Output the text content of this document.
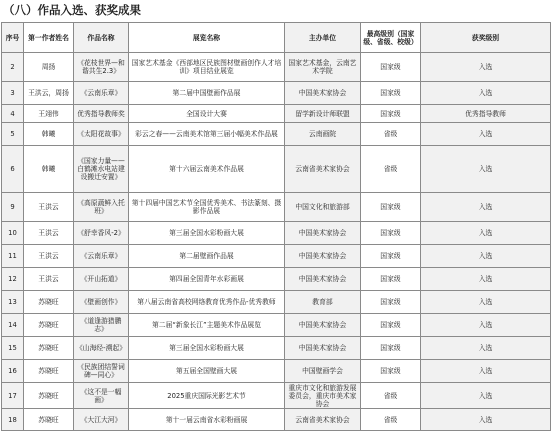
（八）作品入选、获奖成果
序号	第一作者姓名	作品名称	展览名称	主办单位	最高级别（国家级、省级、校级）	获奖级别
2	周扬	《花枝世界—和谐共生2.3》	国家艺术基金《西部地区民族图材壁画创作人才培训》项目结业展览	国家艺术基金，云南艺术学院	国家级	入选
3	王洪云，周扬	《云南乐章》	第二届中国壁画作品展	中国美术家协会	国家级	入选
4	王翊伟	优秀指导教师奖	全国设计大赛	留学新设计师联盟	国家级	优秀指导教师
5	韩曦	《太阳花故事》	彩云之春——云南美术馆第三届小幅美术作品展	云南画院	省级	入选
6	韩曦	《国家力量——白鹤滩水电站建设搬迁安置》	第十六届云南美术作品展	云南省美术家协会	省级	入选
9	王洪云	《高原蔬鲜入托班》	第十四届中国艺术节全国优秀美术、书法篆刻、摄影作品展	中国文化和旅游部	国家级	入选
10	王洪云	《舒幸香风-2》	第三届全国水彩粉画大展	中国美术家协会	国家级	入选
11	王洪云	《云南乐章》	第二届壁画作品展	中国美术家协会	国家级	入选
12	王洪云	《开山拓道》	第四届全国青年水彩画展	中国美术家协会	国家级	入选
13	苏晓旺	《壁画创作》	第八届云南省高校网络教育优秀作品-优秀教师	教育部	国家级	入选
14	苏晓旺	《道逢游猎鹏志》	第二届“新象长江”主题美术作品展览	中国美术家协会	国家级	入选
15	苏晓旺	《山海经-溯起》	第三届全国水彩粉画大展	中国美术家协会	国家级	入选
16	苏晓旺	《民族团结誓词碑—同心》	第五届全国壁画大展	中国壁画学会	国家级	入选
17	苏晓旺	《这不是一幅画》	2025重庆国际光影艺术节	重庆市文化和旅游发展委员会，重庆市美术家协会	省级	入选
18	苏晓旺	《大江大河》	第十一届云南省水彩粉画展	云南省美术家协会	省级	入选
